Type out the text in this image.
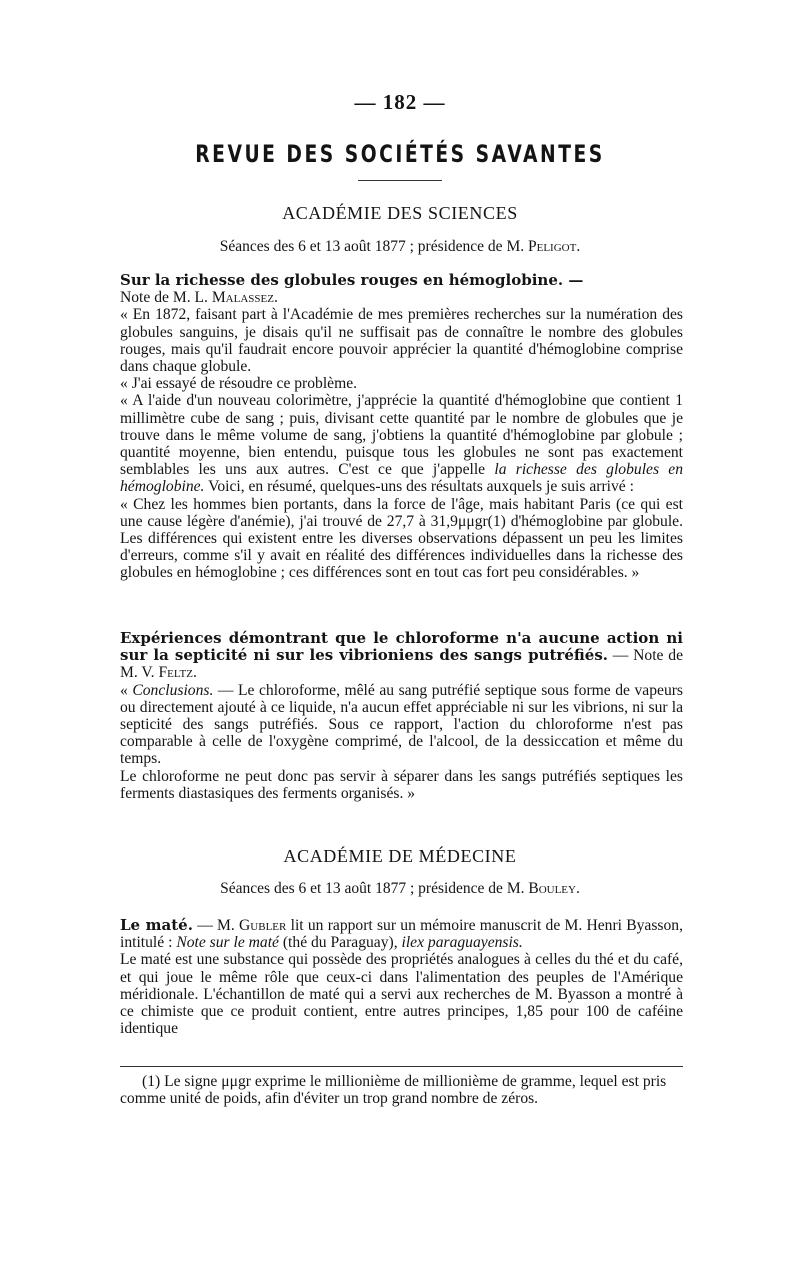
— 182 —
REVUE DES SOCIÉTÉS SAVANTES
ACADÉMIE DES SCIENCES
Séances des 6 et 13 août 1877 ; présidence de M. Peligot.

Sur la richesse des globules rouges en hémoglobine. —
Note de M. L. Malassez.

« En 1872, faisant part à l'Académie de mes premières recherches sur la numération des globules sanguins, je disais qu'il ne suffisait pas de connaître le nombre des globules rouges, mais qu'il faudrait encore pouvoir apprécier la quantité d'hémoglobine comprise dans chaque globule.

« J'ai essayé de résoudre ce problème.

« A l'aide d'un nouveau colorimètre, j'apprécie la quantité d'hémoglobine que contient 1 millimètre cube de sang ; puis, divisant cette quantité par le nombre de globules que je trouve dans le même volume de sang, j'obtiens la quantité d'hémoglobine par globule ; quantité moyenne, bien entendu, puisque tous les globules ne sont pas exactement semblables les uns aux autres. C'est ce que j'appelle la richesse des globules en hémoglobine. Voici, en résumé, quelques-uns des résultats auxquels je suis arrivé :

« Chez les hommes bien portants, dans la force de l'âge, mais habitant Paris (ce qui est une cause légère d'anémie), j'ai trouvé de 27,7 à 31,9μμgr(1) d'hémoglobine par globule. Les différences qui existent entre les diverses observations dépassent un peu les limites d'erreurs, comme s'il y avait en réalité des différences individuelles dans la richesse des globules en hémoglobine ; ces différences sont en tout cas fort peu considérables. »

Expériences démontrant que le chloroforme n'a aucune action ni sur la septicité ni sur les vibrioniens des sangs putréfiés. — Note de M. V. Feltz.

« Conclusions. — Le chloroforme, mêlé au sang putréfié septique sous forme de vapeurs ou directement ajouté à ce liquide, n'a aucun effet appréciable ni sur les vibrions, ni sur la septicité des sangs putréfiés. Sous ce rapport, l'action du chloroforme n'est pas comparable à celle de l'oxygène comprimé, de l'alcool, de la dessiccation et même du temps.

Le chloroforme ne peut donc pas servir à séparer dans les sangs putréfiés septiques les ferments diastasiques des ferments organisés. »

ACADÉMIE DE MÉDECINE
Séances des 6 et 13 août 1877 ; présidence de M. Bouley.

Le maté. — M. Gubler lit un rapport sur un mémoire manuscrit de M. Henri Byasson, intitulé : Note sur le maté (thé du Paraguay), ilex paraguayensis.

Le maté est une substance qui possède des propriétés analogues à celles du thé et du café, et qui joue le même rôle que ceux-ci dans l'alimentation des peuples de l'Amérique méridionale. L'échantillon de maté qui a servi aux recherches de M. Byasson a montré à ce chimiste que ce produit contient, entre autres principes, 1,85 pour 100 de caféine identique

(1) Le signe μμgr exprime le millionième de millionième de gramme, lequel est pris comme unité de poids, afin d'éviter un trop grand nombre de zéros.
